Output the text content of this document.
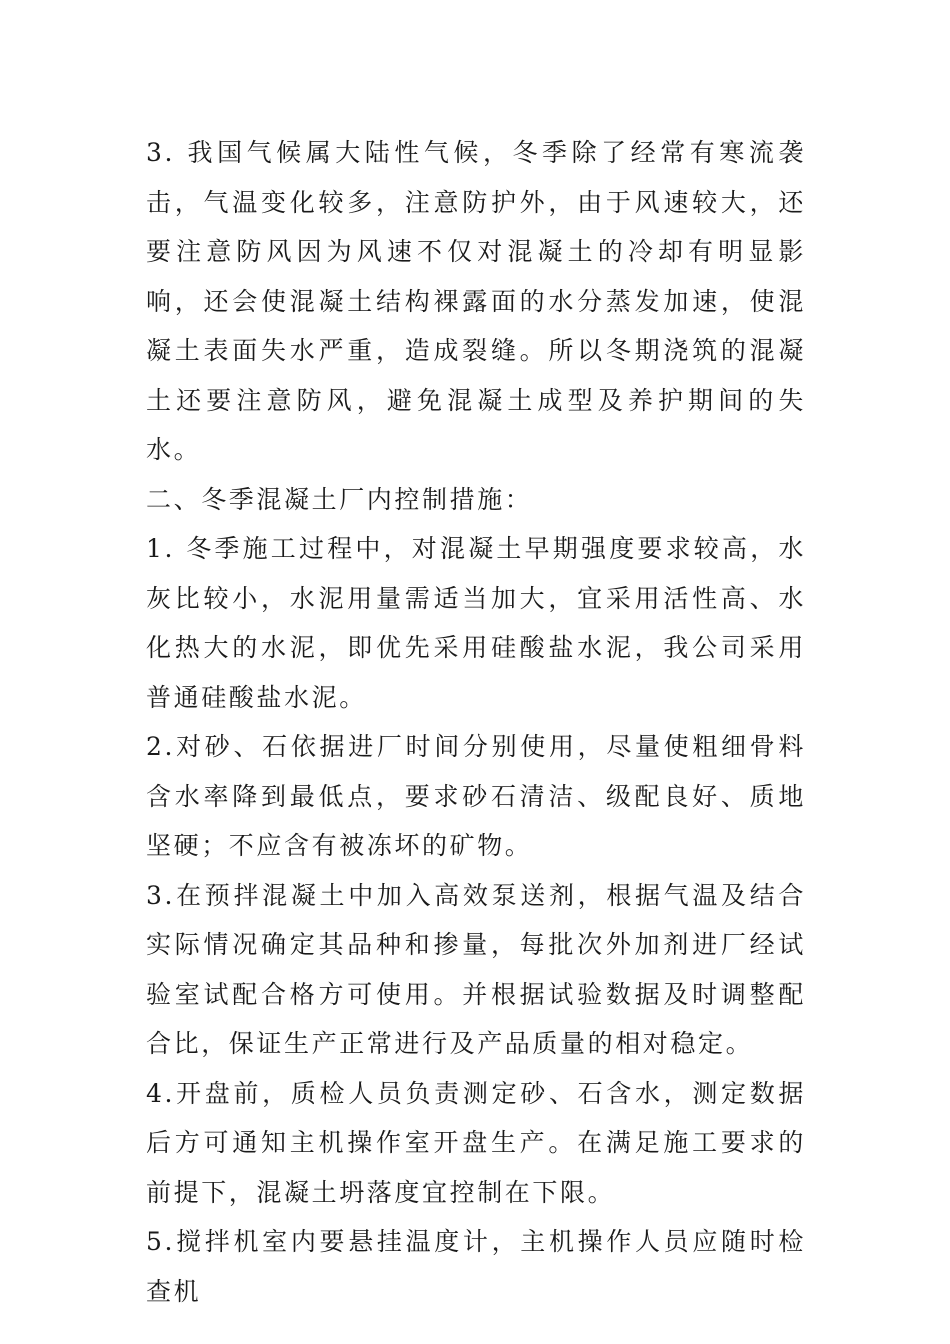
3. 我国气候属大陆性气候，冬季除了经常有寒流袭击，气温变化较多，注意防护外，由于风速较大，还要注意防风因为风速不仅对混凝土的冷却有明显影响，还会使混凝土结构裸露面的水分蒸发加速，使混凝土表面失水严重，造成裂缝。所以冬期浇筑的混凝土还要注意防风，避免混凝土成型及养护期间的失水。

二、冬季混凝土厂内控制措施：

1. 冬季施工过程中，对混凝土早期强度要求较高，水灰比较小，水泥用量需适当加大，宜采用活性高、水化热大的水泥，即优先采用硅酸盐水泥，我公司采用普通硅酸盐水泥。

2.对砂、石依据进厂时间分别使用，尽量使粗细骨料含水率降到最低点，要求砂石清洁、级配良好、质地坚硬；不应含有被冻坏的矿物。

3.在预拌混凝土中加入高效泵送剂，根据气温及结合实际情况确定其品种和掺量，每批次外加剂进厂经试验室试配合格方可使用。并根据试验数据及时调整配合比，保证生产正常进行及产品质量的相对稳定。

4.开盘前，质检人员负责测定砂、石含水，测定数据后方可通知主机操作室开盘生产。在满足施工要求的前提下，混凝土坍落度宜控制在下限。

5.搅拌机室内要悬挂温度计，主机操作人员应随时检查机
